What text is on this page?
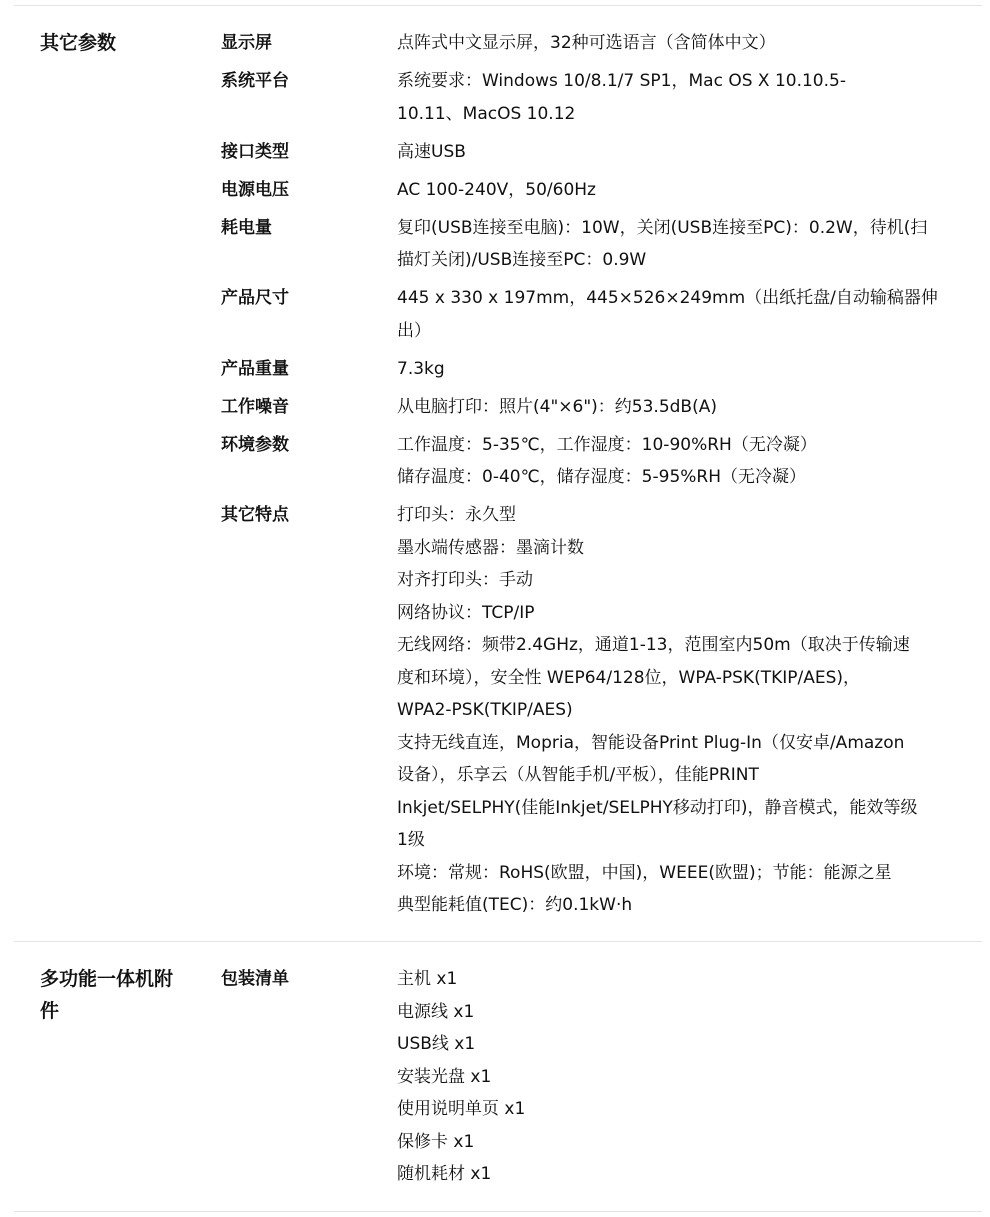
其它参数	显示屏	点阵式中文显示屏，32种可选语言（含简体中文）
系统平台	系统要求：Windows 10/8.1/7 SP1，Mac OS X 10.10.5-
10.11、MacOS 10.12
接口类型	高速USB
电源电压	AC 100-240V，50/60Hz
耗电量	复印(USB连接至电脑)：10W，关闭(USB连接至PC)：0.2W，待机(扫
描灯关闭)/USB连接至PC：0.9W
产品尺寸	445 x 330 x 197mm，445×526×249mm（出纸托盘/自动输稿器伸
出）
产品重量	7.3kg
工作噪音	从电脑打印：照片(4"×6")：约53.5dB(A)
环境参数	工作温度：5-35℃，工作湿度：10-90%RH（无冷凝）
储存温度：0-40℃，储存湿度：5-95%RH（无冷凝）
其它特点	打印头：永久型
墨水端传感器：墨滴计数
对齐打印头：手动
网络协议：TCP/IP
无线网络：频带2.4GHz，通道1-13，范围室内50m（取决于传输速
度和环境），安全性 WEP64/128位，WPA-PSK(TKIP/AES)，
WPA2-PSK(TKIP/AES)
支持无线直连，Mopria，智能设备Print Plug-In（仅安卓/Amazon
设备），乐享云（从智能手机/平板），佳能PRINT
Inkjet/SELPHY(佳能Inkjet/SELPHY移动打印)，静音模式，能效等级
1级
环境：常规：RoHS(欧盟，中国)，WEEE(欧盟)；节能：能源之星
典型能耗值(TEC)：约0.1kW·h
多功能一体机附
件
包装清单	主机 x1
电源线 x1
USB线 x1
安装光盘 x1
使用说明单页 x1
保修卡 x1
随机耗材 x1
